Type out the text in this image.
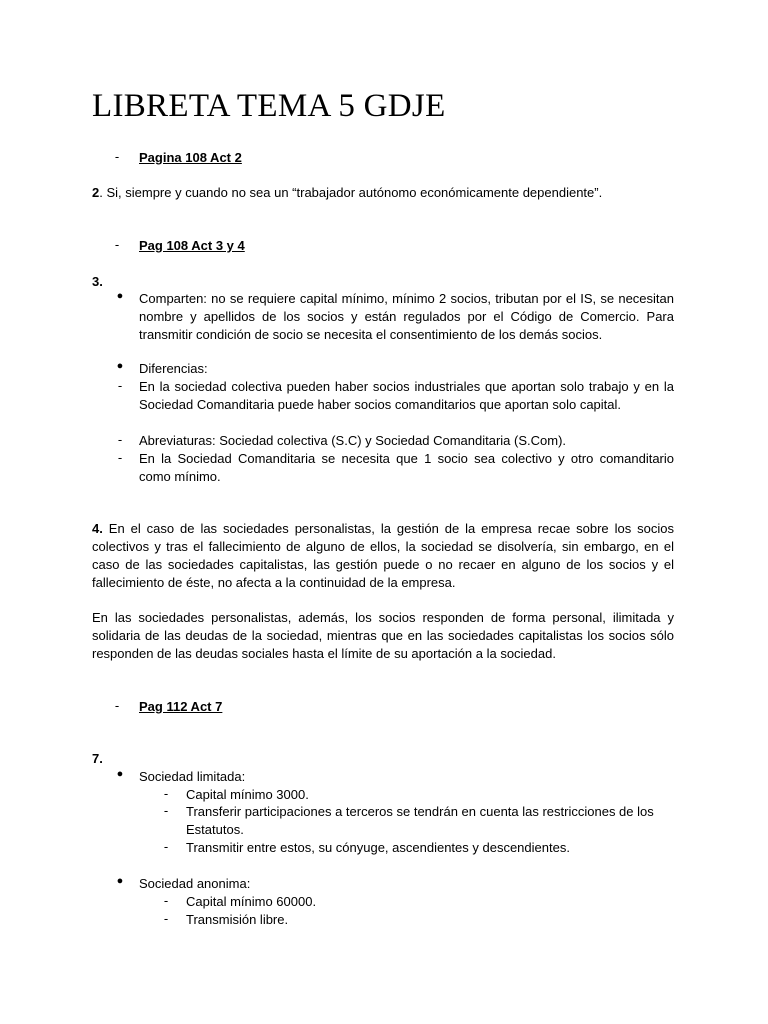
LIBRETA TEMA 5 GDJE
- Pagina 108 Act 2
2. Si, siempre y cuando no sea un “trabajador autónomo económicamente dependiente”.
- Pag 108 Act 3 y 4
3.
● Comparten: no se requiere capital mínimo, mínimo 2 socios, tributan por el IS, se necesitan nombre y apellidos de los socios y están regulados por el Código de Comercio. Para transmitir condición de socio se necesita el consentimiento de los demás socios.
● Diferencias:
- En la sociedad colectiva pueden haber socios industriales que aportan solo trabajo y en la Sociedad Comanditaria puede haber socios comanditarios que aportan solo capital.
- Abreviaturas: Sociedad colectiva (S.C) y Sociedad Comanditaria (S.Com).
- En la Sociedad Comanditaria se necesita que 1 socio sea colectivo y otro comanditario como mínimo.

4. En el caso de las sociedades personalistas, la gestión de la empresa recae sobre los socios colectivos y tras el fallecimiento de alguno de ellos, la sociedad se disolvería, sin embargo, en el caso de las sociedades capitalistas, las gestión puede o no recaer en alguno de los socios y el fallecimiento de éste, no afecta a la continuidad de la empresa.

En las sociedades personalistas, además, los socios responden de forma personal, ilimitada y solidaria de las deudas de la sociedad, mientras que en las sociedades capitalistas los socios sólo responden de las deudas sociales hasta el límite de su aportación a la sociedad.

- Pag 112 Act 7
7.
● Sociedad limitada:
- Capital mínimo 3000.
- Transferir participaciones a terceros se tendrán en cuenta las restricciones de los Estatutos.
- Transmitir entre estos, su cónyuge, ascendientes y descendientes.
● Sociedad anonima:
- Capital mínimo 60000.
- Transmisión libre.
